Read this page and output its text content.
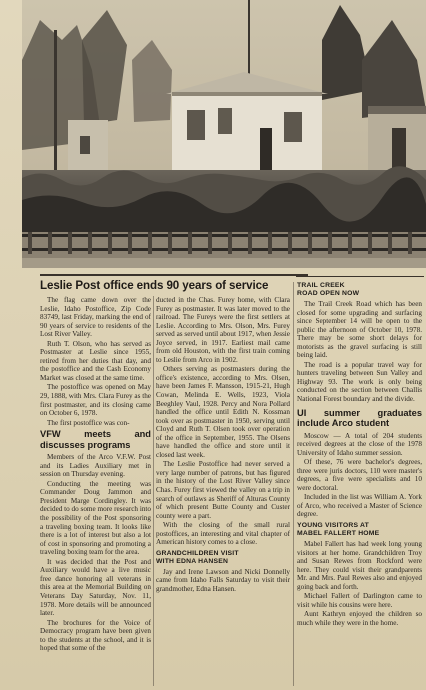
Leslie Post office ends 90 years of service

The flag came down over the Leslie, Idaho Postoffice, Zip Code 83749, last Friday, marking the end of 90 years of service to residents of the Lost River Valley.

Ruth T. Olson, who has served as Postmaster at Leslie since 1955, retired from her duties that day, and the postoffice and the Cash Economy Market was closed at the same time.

The postoffice was opened on May 29, 1888, with Mrs. Clara Furey as the first postmaster, and its closing came on October 6, 1978.

The first postoffice was con-

VFW meets and discusses programs

Members of the Arco V.F.W. Post and its Ladies Auxiliary met in session on Thursday evening.

Conducting the meeting was Commander Doug Jammon and President Marge Cordingley. It was decided to do some more research into the possibility of the Post sponsoring a traveling boxing team. It looks like there is a lot of interest but also a lot of cost in sponsoring and promoting a traveling boxing team for the area.

It was decided that the Post and Auxiliary would have a live music free dance honoring all veterans in this area at the Memorial Building on Veterans Day Saturday, Nov. 11, 1978. More details will be announced later.

The brochures for the Voice of Democracy program have been given to the students at the school, and it is hoped that some of the

ducted in the Chas. Furey home, with Clara Furey as postmaster. It was later moved to the railroad. The Fureys were the first settlers at Leslie. According to Mrs. Olson, Mrs. Furey served as served until about 1917, when Jessie Joyce served, in 1917. Earliest mail came from old Houston, with the first train coming to Leslie from Arco in 1902.

Others serving as postmasters during the office's existence, according to Mrs. Olsen, have been James F. Mansson, 1915-21, Hugh Cowan, Melinda E. Wells, 1923, Viola Beeghley Vaul, 1928. Percy and Nora Pollard handled the office until Edith N. Kossman took over as postmaster in 1950, serving until Cloyd and Ruth T. Olsen took over operation of the office in September, 1955. The Olsens have handled the office and store until it closed last week.

The Leslie Postoffice had never served a very large number of patrons, but has figured in the history of the Lost River Valley since Chas. Furey first viewed the valley on a trip in search of outlaws as Sheriff of Alturas County of which present Butte County and Custer county were a part.

With the closing of the small rural postoffices, an interesting and vital chapter of American history comes to a close.

GRANDCHILDREN VISIT
WITH EDNA HANSEN

Jay and Irene Lawson and Nicki Donnelly came from Idaho Falls Saturday to visit their grandmother, Edna Hansen.

TRAIL CREEK
ROAD OPEN NOW

The Trail Creek Road which has been closed for some upgrading and surfacing since September 14 will be open to the public the afternoon of October 10, 1978. There may be some short delays for motorists as the gravel surfacing is still being laid.

The road is a popular travel way for hunters traveling between Sun Valley and Highway 93. The work is only being conducted on the section between Challis National Forest boundary and the divide.

UI summer graduates include Arco student

Moscow — A total of 204 students received degrees at the close of the 1978 University of Idaho summer session.

Of these, 76 were bachelor's degrees, three were juris doctors, 110 were master's degrees, a five were specialists and 10 were doctoral.

Included in the list was William A. York of Arco, who received a Master of Science degree.

YOUNG VISITORS AT
MABEL FALLERT HOME

Mabel Fallert has had week long young visitors at her home. Grandchildren Troy and Susan Rewes from Rockford were here. They could visit their grandparents Mr. and Mrs. Paul Rewes also and enjoyed going back and forth.

Michael Fallert of Darlington came to visit while his cousins were here.

Aunt Kathryn enjoyed the children so much while they were in the home.
